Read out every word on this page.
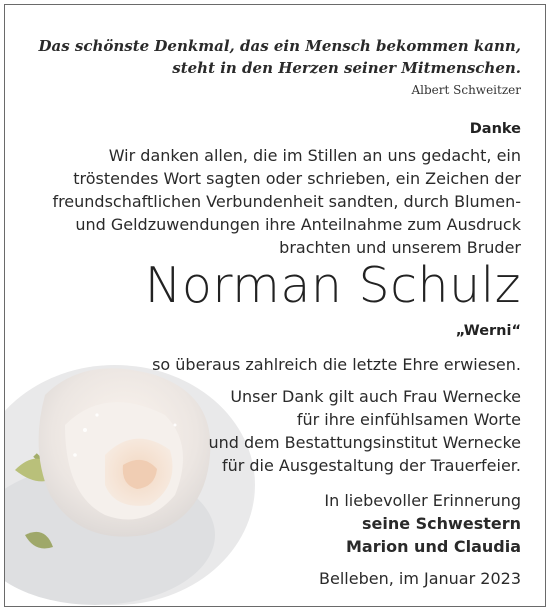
Das schönste Denkmal, das ein Mensch bekommen kann,
steht in den Herzen seiner Mitmenschen.

Albert Schweitzer

Danke

Wir danken allen, die im Stillen an uns gedacht, ein tröstendes Wort sagten oder schrieben, ein Zeichen der freundschaftlichen Verbundenheit sandten, durch Blumen- und Geldzuwendungen ihre Anteilnahme zum Ausdruck brachten und unserem Bruder

Norman Schulz

„Werni“

so überaus zahlreich die letzte Ehre erwiesen.

Unser Dank gilt auch Frau Wernecke
für ihre einfühlsamen Worte
und dem Bestattungsinstitut Wernecke
für die Ausgestaltung der Trauerfeier.

In liebevoller Erinnerung
seine Schwestern
Marion und Claudia

Belleben, im Januar 2023
